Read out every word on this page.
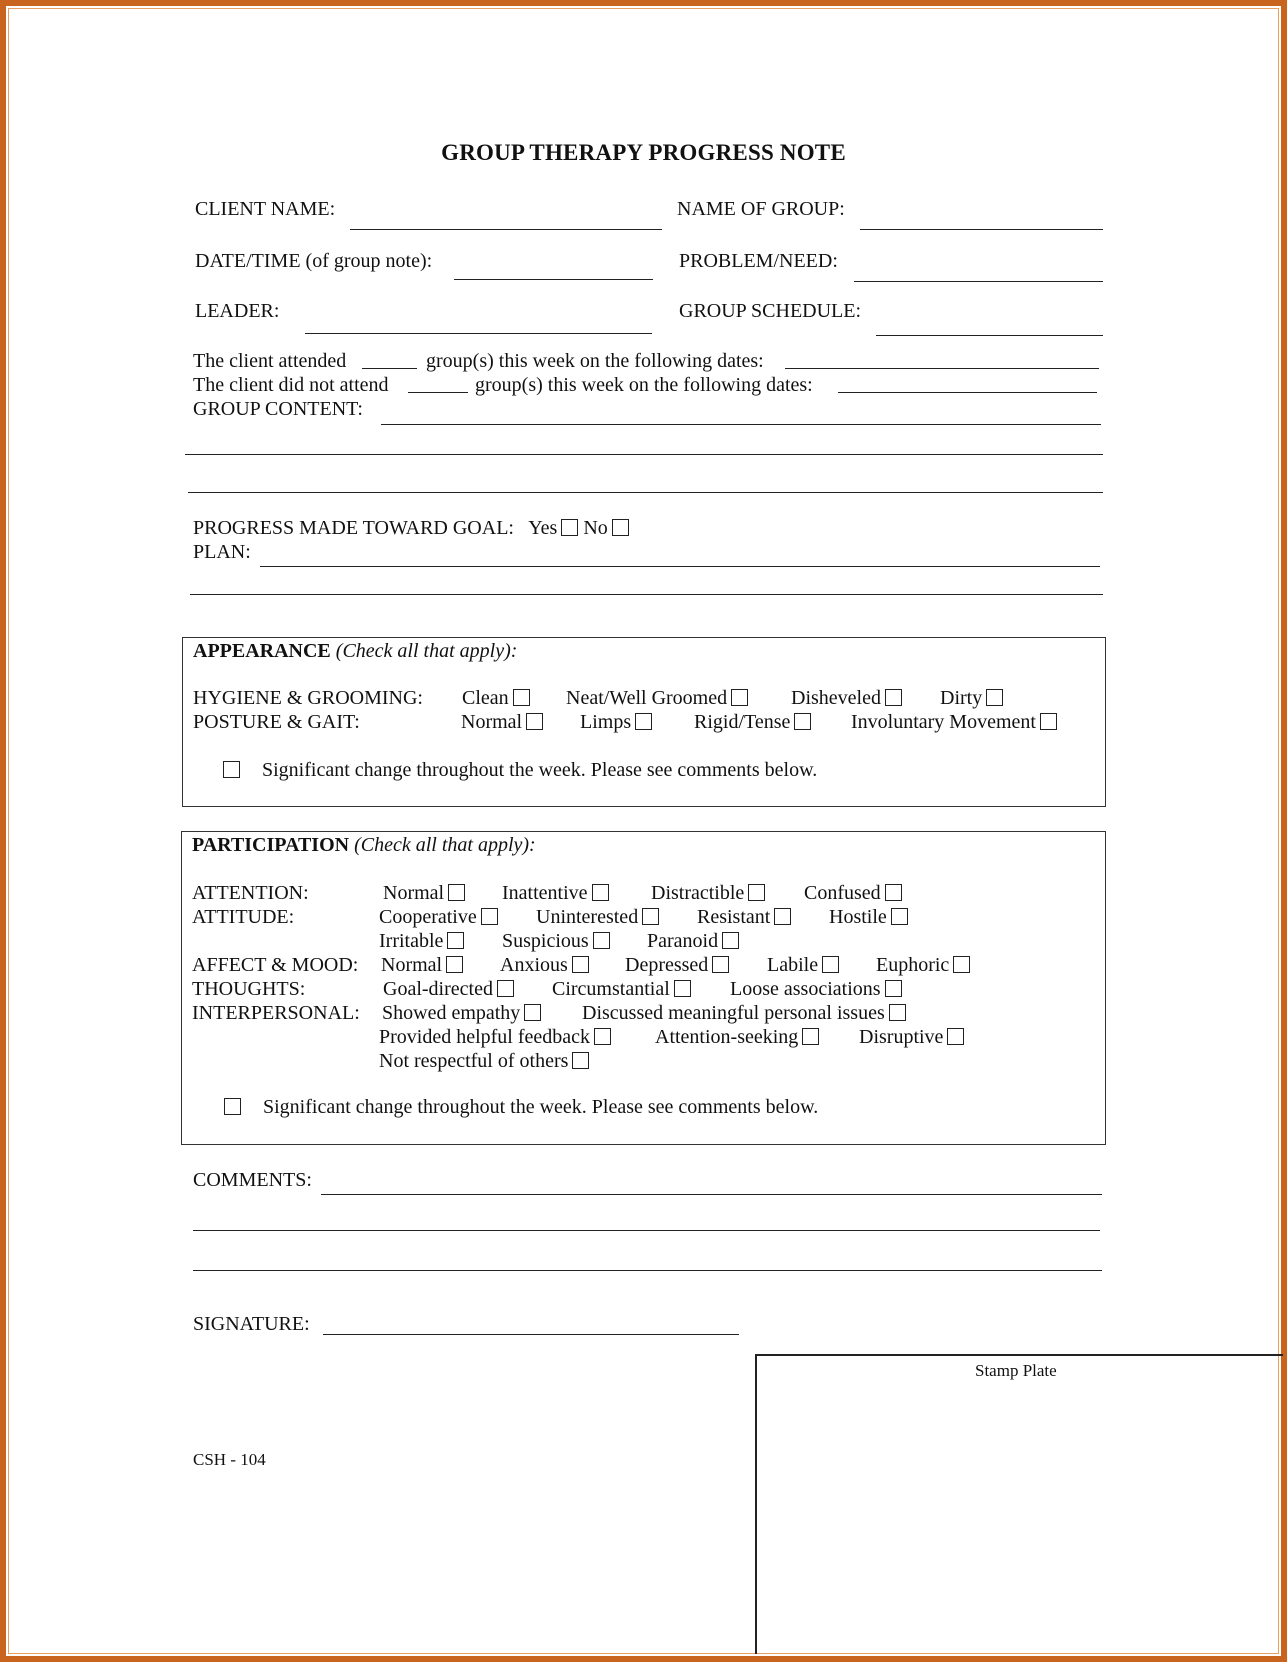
GROUP THERAPY PROGRESS NOTE
CLIENT NAME:	NAME OF GROUP:
DATE/TIME (of group note):	PROBLEM/NEED:
LEADER:	GROUP SCHEDULE:
The client attended	group(s) this week on the following dates:
The client did not attend	group(s) this week on the following dates:
GROUP CONTENT:
PROGRESS MADE TOWARD GOAL: Yes No
PLAN:
APPEARANCE (Check all that apply):
HYGIENE & GROOMING: Clean	Neat/Well Groomed	Disheveled	Dirty
POSTURE & GAIT:	Normal	Limps	Rigid/Tense	Involuntary Movement
Significant change throughout the week. Please see comments below.
PARTICIPATION (Check all that apply):
ATTENTION:	Normal	Inattentive	Distractible	Confused
ATTITUDE:	Cooperative	Uninterested	Resistant	Hostile
Irritable	Suspicious	Paranoid
AFFECT & MOOD: Normal	Anxious	Depressed	Labile	Euphoric
THOUGHTS:	Goal-directed	Circumstantial	Loose associations
INTERPERSONAL: Showed empathy	Discussed meaningful personal issues
Provided helpful feedback	Attention-seeking	Disruptive
Not respectful of others
Significant change throughout the week. Please see comments below.
COMMENTS:
SIGNATURE:
CSH - 104
Stamp Plate
